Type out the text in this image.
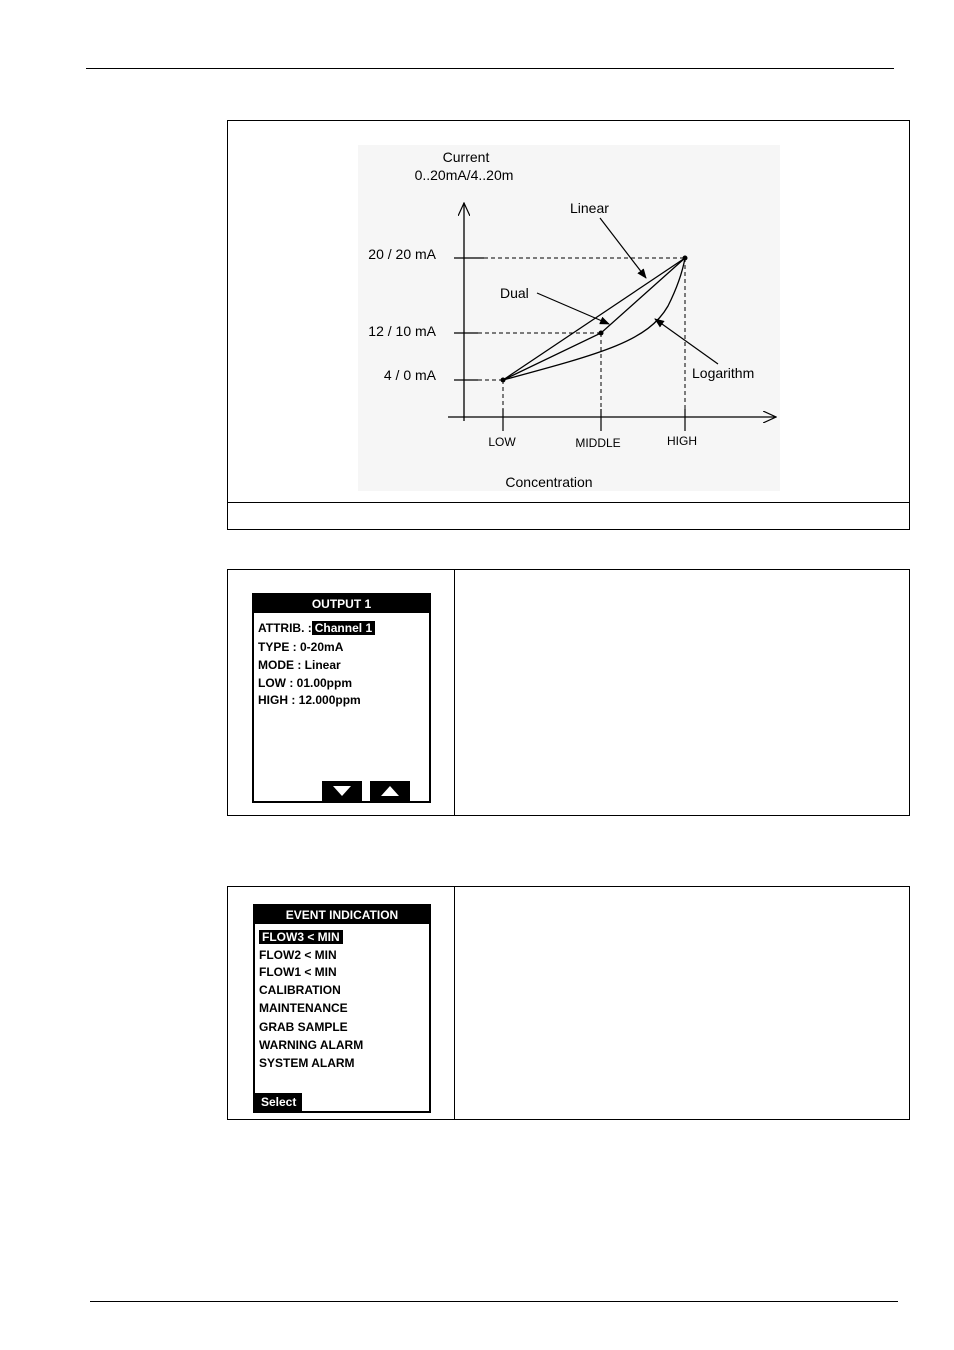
Current
0..20mA/4..20m
20 / 20 mA
12 / 10 mA
4 / 0 mA
LOW	MIDDLE	HIGH
Concentration
Linear
Dual
Logarithm
OUTPUT 1
ATTRIB. : Channel 1
TYPE : 0-20mA
MODE : Linear
LOW : 01.00ppm
HIGH : 12.000ppm
EVENT INDICATION
FLOW3 < MIN
FLOW2 < MIN
FLOW1 < MIN
CALIBRATION
MAINTENANCE
GRAB SAMPLE
WARNING ALARM
SYSTEM ALARM
Select
